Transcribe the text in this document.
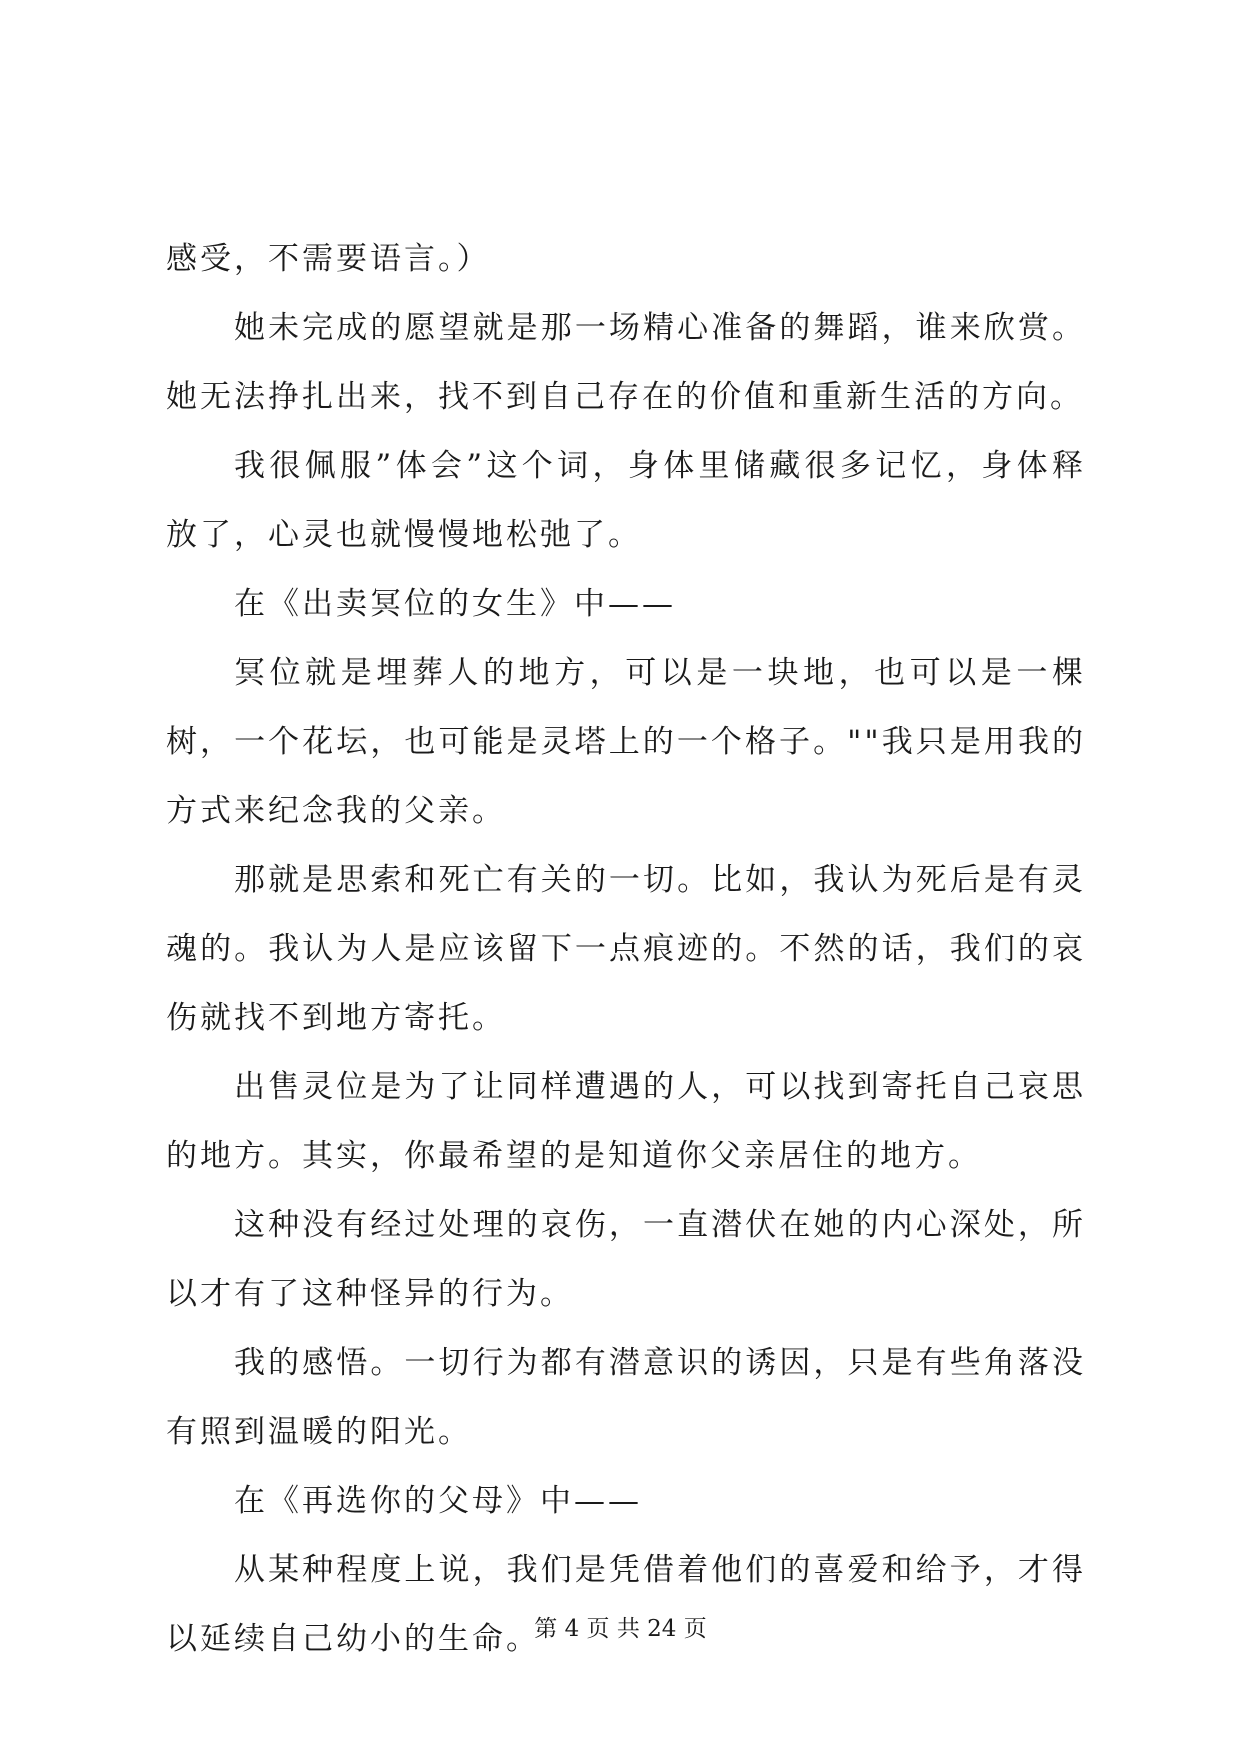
感受，不需要语言。）

她未完成的愿望就是那一场精心准备的舞蹈，谁来欣赏。她无法挣扎出来，找不到自己存在的价值和重新生活的方向。

我很佩服”体会”这个词，身体里储藏很多记忆，身体释放了，心灵也就慢慢地松弛了。

在《出卖冥位的女生》中——

冥位就是埋葬人的地方，可以是一块地，也可以是一棵树，一个花坛，也可能是灵塔上的一个格子。""我只是用我的方式来纪念我的父亲。

那就是思索和死亡有关的一切。比如，我认为死后是有灵魂的。我认为人是应该留下一点痕迹的。不然的话，我们的哀伤就找不到地方寄托。

出售灵位是为了让同样遭遇的人，可以找到寄托自己哀思的地方。其实，你最希望的是知道你父亲居住的地方。

这种没有经过处理的哀伤，一直潜伏在她的内心深处，所以才有了这种怪异的行为。

我的感悟。一切行为都有潜意识的诱因，只是有些角落没有照到温暖的阳光。

在《再选你的父母》中——

从某种程度上说，我们是凭借着他们的喜爱和给予，才得以延续自己幼小的生命。

第 4 页 共 24 页
